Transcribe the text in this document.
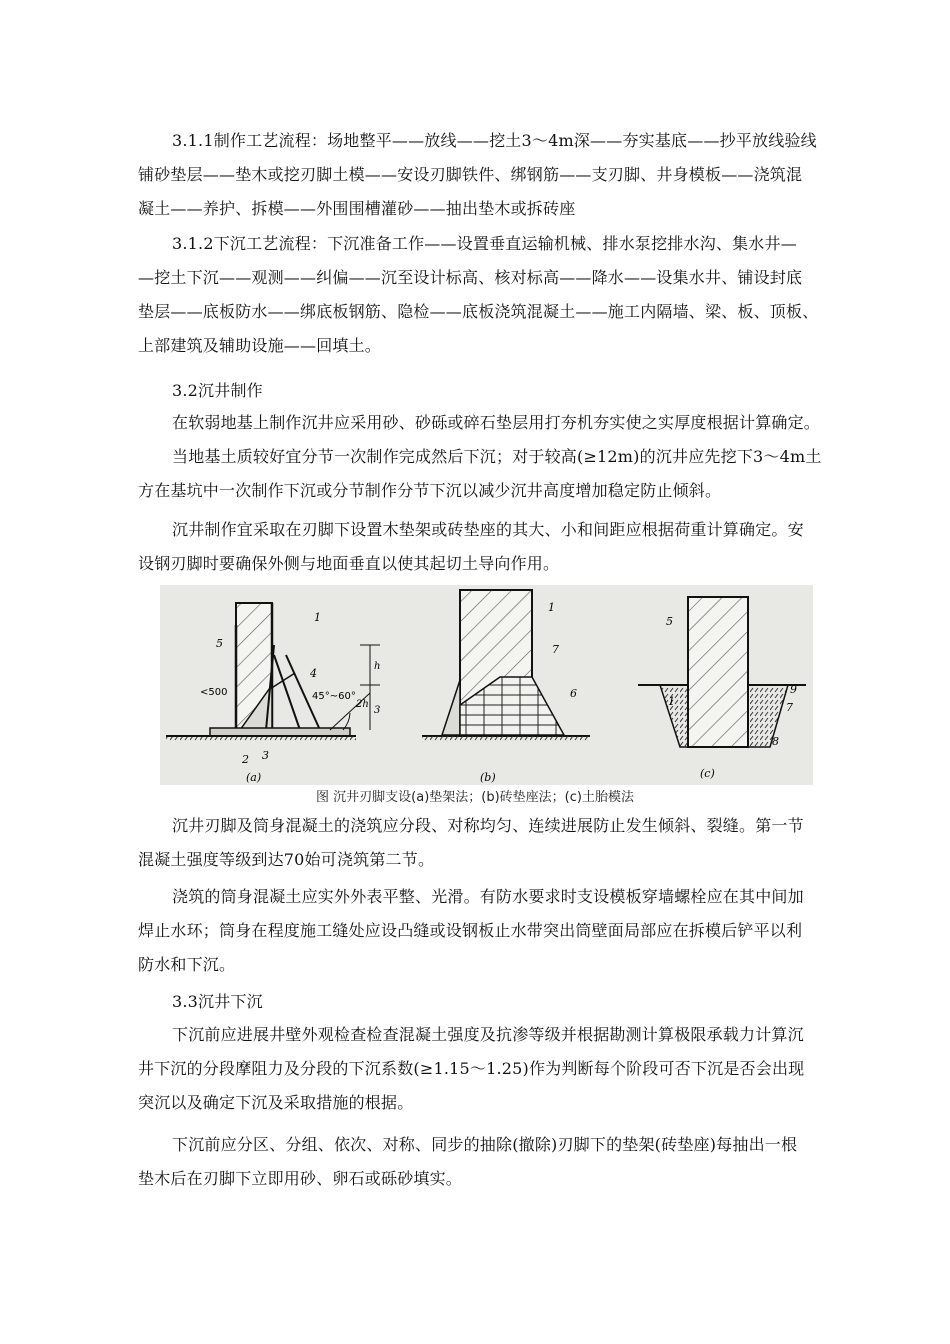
3.1.1制作工艺流程：场地整平——放线——挖土3～4m深——夯实基底——抄平放线验线
铺砂垫层——垫木或挖刃脚土模——安设刃脚铁件、绑钢筋——支刃脚、井身模板——浇筑混
凝土——养护、拆模——外围围槽灌砂——抽出垫木或拆砖座

3.1.2下沉工艺流程：下沉准备工作——设置垂直运输机械、排水泵挖排水沟、集水井—
—挖土下沉——观测——纠偏——沉至设计标高、核对标高——降水——设集水井、铺设封底
垫层——底板防水——绑底板钢筋、隐检——底板浇筑混凝土——施工内隔墙、梁、板、顶板、
上部建筑及辅助设施——回填土。

3.2沉井制作

在软弱地基上制作沉井应采用砂、砂砾或碎石垫层用打夯机夯实使之实厚度根据计算确定。

当地基土质较好宜分节一次制作完成然后下沉；对于较高(≥12m)的沉井应先挖下3～4m土
方在基坑中一次制作下沉或分节制作分节下沉以减少沉井高度增加稳定防止倾斜。

沉井制作宜采取在刃脚下设置木垫架或砖垫座的其大、小和间距应根据荷重计算确定。安
设钢刃脚时要确保外侧与地面垂直以使其起切土导向作用。

1
2 3
4
5
<500	45°~60°
2h
3
h
(a)
1
6
7
(b)
5
1
9
7
8
(c)
图 沉井刃脚支设(a)垫架法；(b)砖垫座法；(c)土胎模法

沉井刃脚及筒身混凝土的浇筑应分段、对称均匀、连续进展防止发生倾斜、裂缝。第一节
混凝土强度等级到达70始可浇筑第二节。

浇筑的筒身混凝土应实外外表平整、光滑。有防水要求时支设模板穿墙螺栓应在其中间加
焊止水环；筒身在程度施工缝处应设凸缝或设钢板止水带突出筒壁面局部应在拆模后铲平以利
防水和下沉。

3.3沉井下沉

下沉前应进展井壁外观检查检查混凝土强度及抗渗等级并根据勘测计算极限承载力计算沉
井下沉的分段摩阻力及分段的下沉系数(≥1.15～1.25)作为判断每个阶段可否下沉是否会出现
突沉以及确定下沉及采取措施的根据。

下沉前应分区、分组、依次、对称、同步的抽除(撤除)刃脚下的垫架(砖垫座)每抽出一根
垫木后在刃脚下立即用砂、卵石或砾砂填实。
